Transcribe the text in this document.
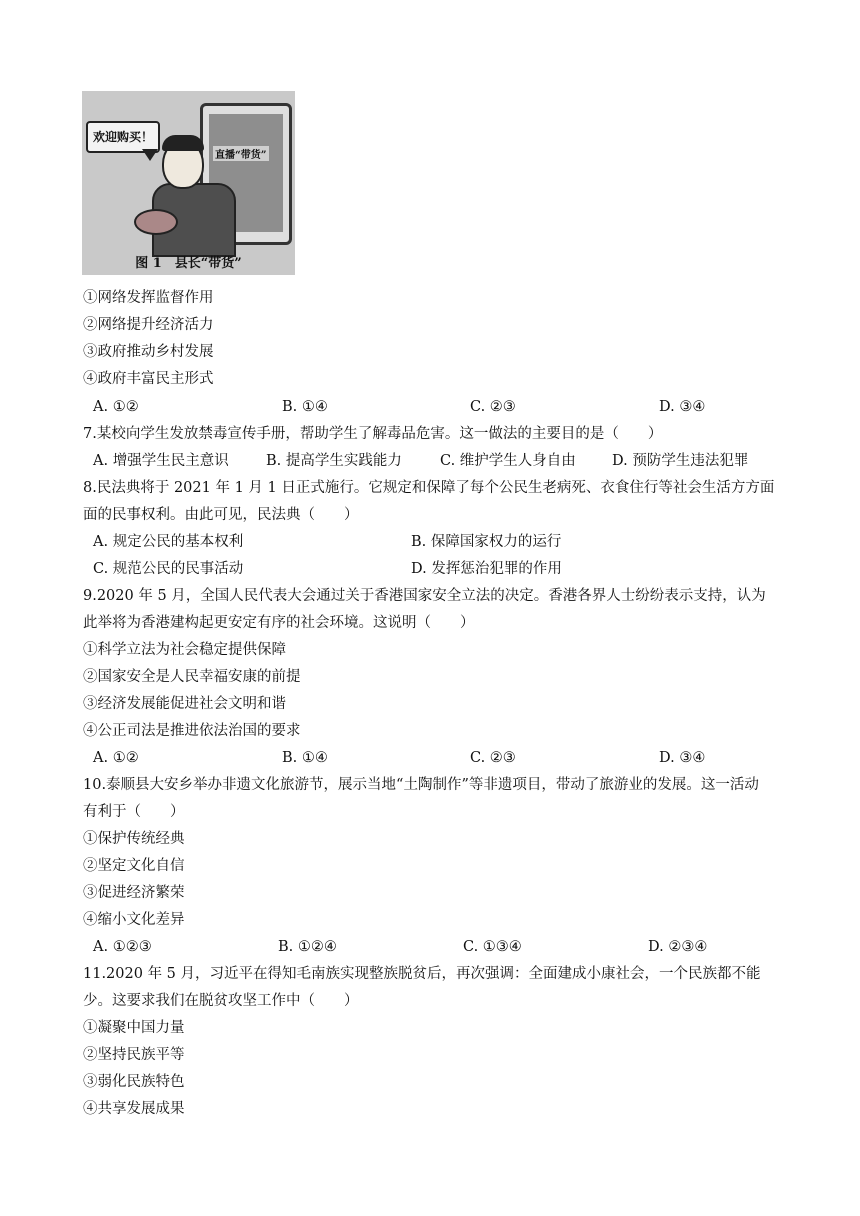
直播“带货”
欢迎购买！
图 1　县长“带货”
①网络发挥监督作用
②网络提升经济活力
③政府推动乡村发展
④政府丰富民主形式
A. ①②	B. ①④	C. ②③	D. ③④
7.某校向学生发放禁毒宣传手册，帮助学生了解毒品危害。这一做法的主要目的是（　　）
A. 增强学生民主意识	B. 提高学生实践能力	C. 维护学生人身自由 D. 预防学生违法犯罪
8.民法典将于 2021 年 1 月 1 日正式施行。它规定和保障了每个公民生老病死、衣食住行等社会生活方方面
面的民事权利。由此可见，民法典（　　）
A. 规定公民的基本权利	B. 保障国家权力的运行
C. 规范公民的民事活动	D. 发挥惩治犯罪的作用
9.2020 年 5 月，全国人民代表大会通过关于香港国家安全立法的决定。香港各界人士纷纷表示支持，认为
此举将为香港建构起更安定有序的社会环境。这说明（　　）
①科学立法为社会稳定提供保障
②国家安全是人民幸福安康的前提
③经济发展能促进社会文明和谐
④公正司法是推进依法治国的要求
A. ①②	B. ①④	C. ②③	D. ③④
10.泰顺县大安乡举办非遗文化旅游节，展示当地“土陶制作”等非遗项目，带动了旅游业的发展。这一活动
有利于（　　）
①保护传统经典
②坚定文化自信
③促进经济繁荣
④缩小文化差异
A. ①②③	B. ①②④	C. ①③④	D. ②③④
11.2020 年 5 月，习近平在得知毛南族实现整族脱贫后，再次强调：全面建成小康社会，一个民族都不能
少。这要求我们在脱贫攻坚工作中（　　）
①凝聚中国力量
②坚持民族平等
③弱化民族特色
④共享发展成果
